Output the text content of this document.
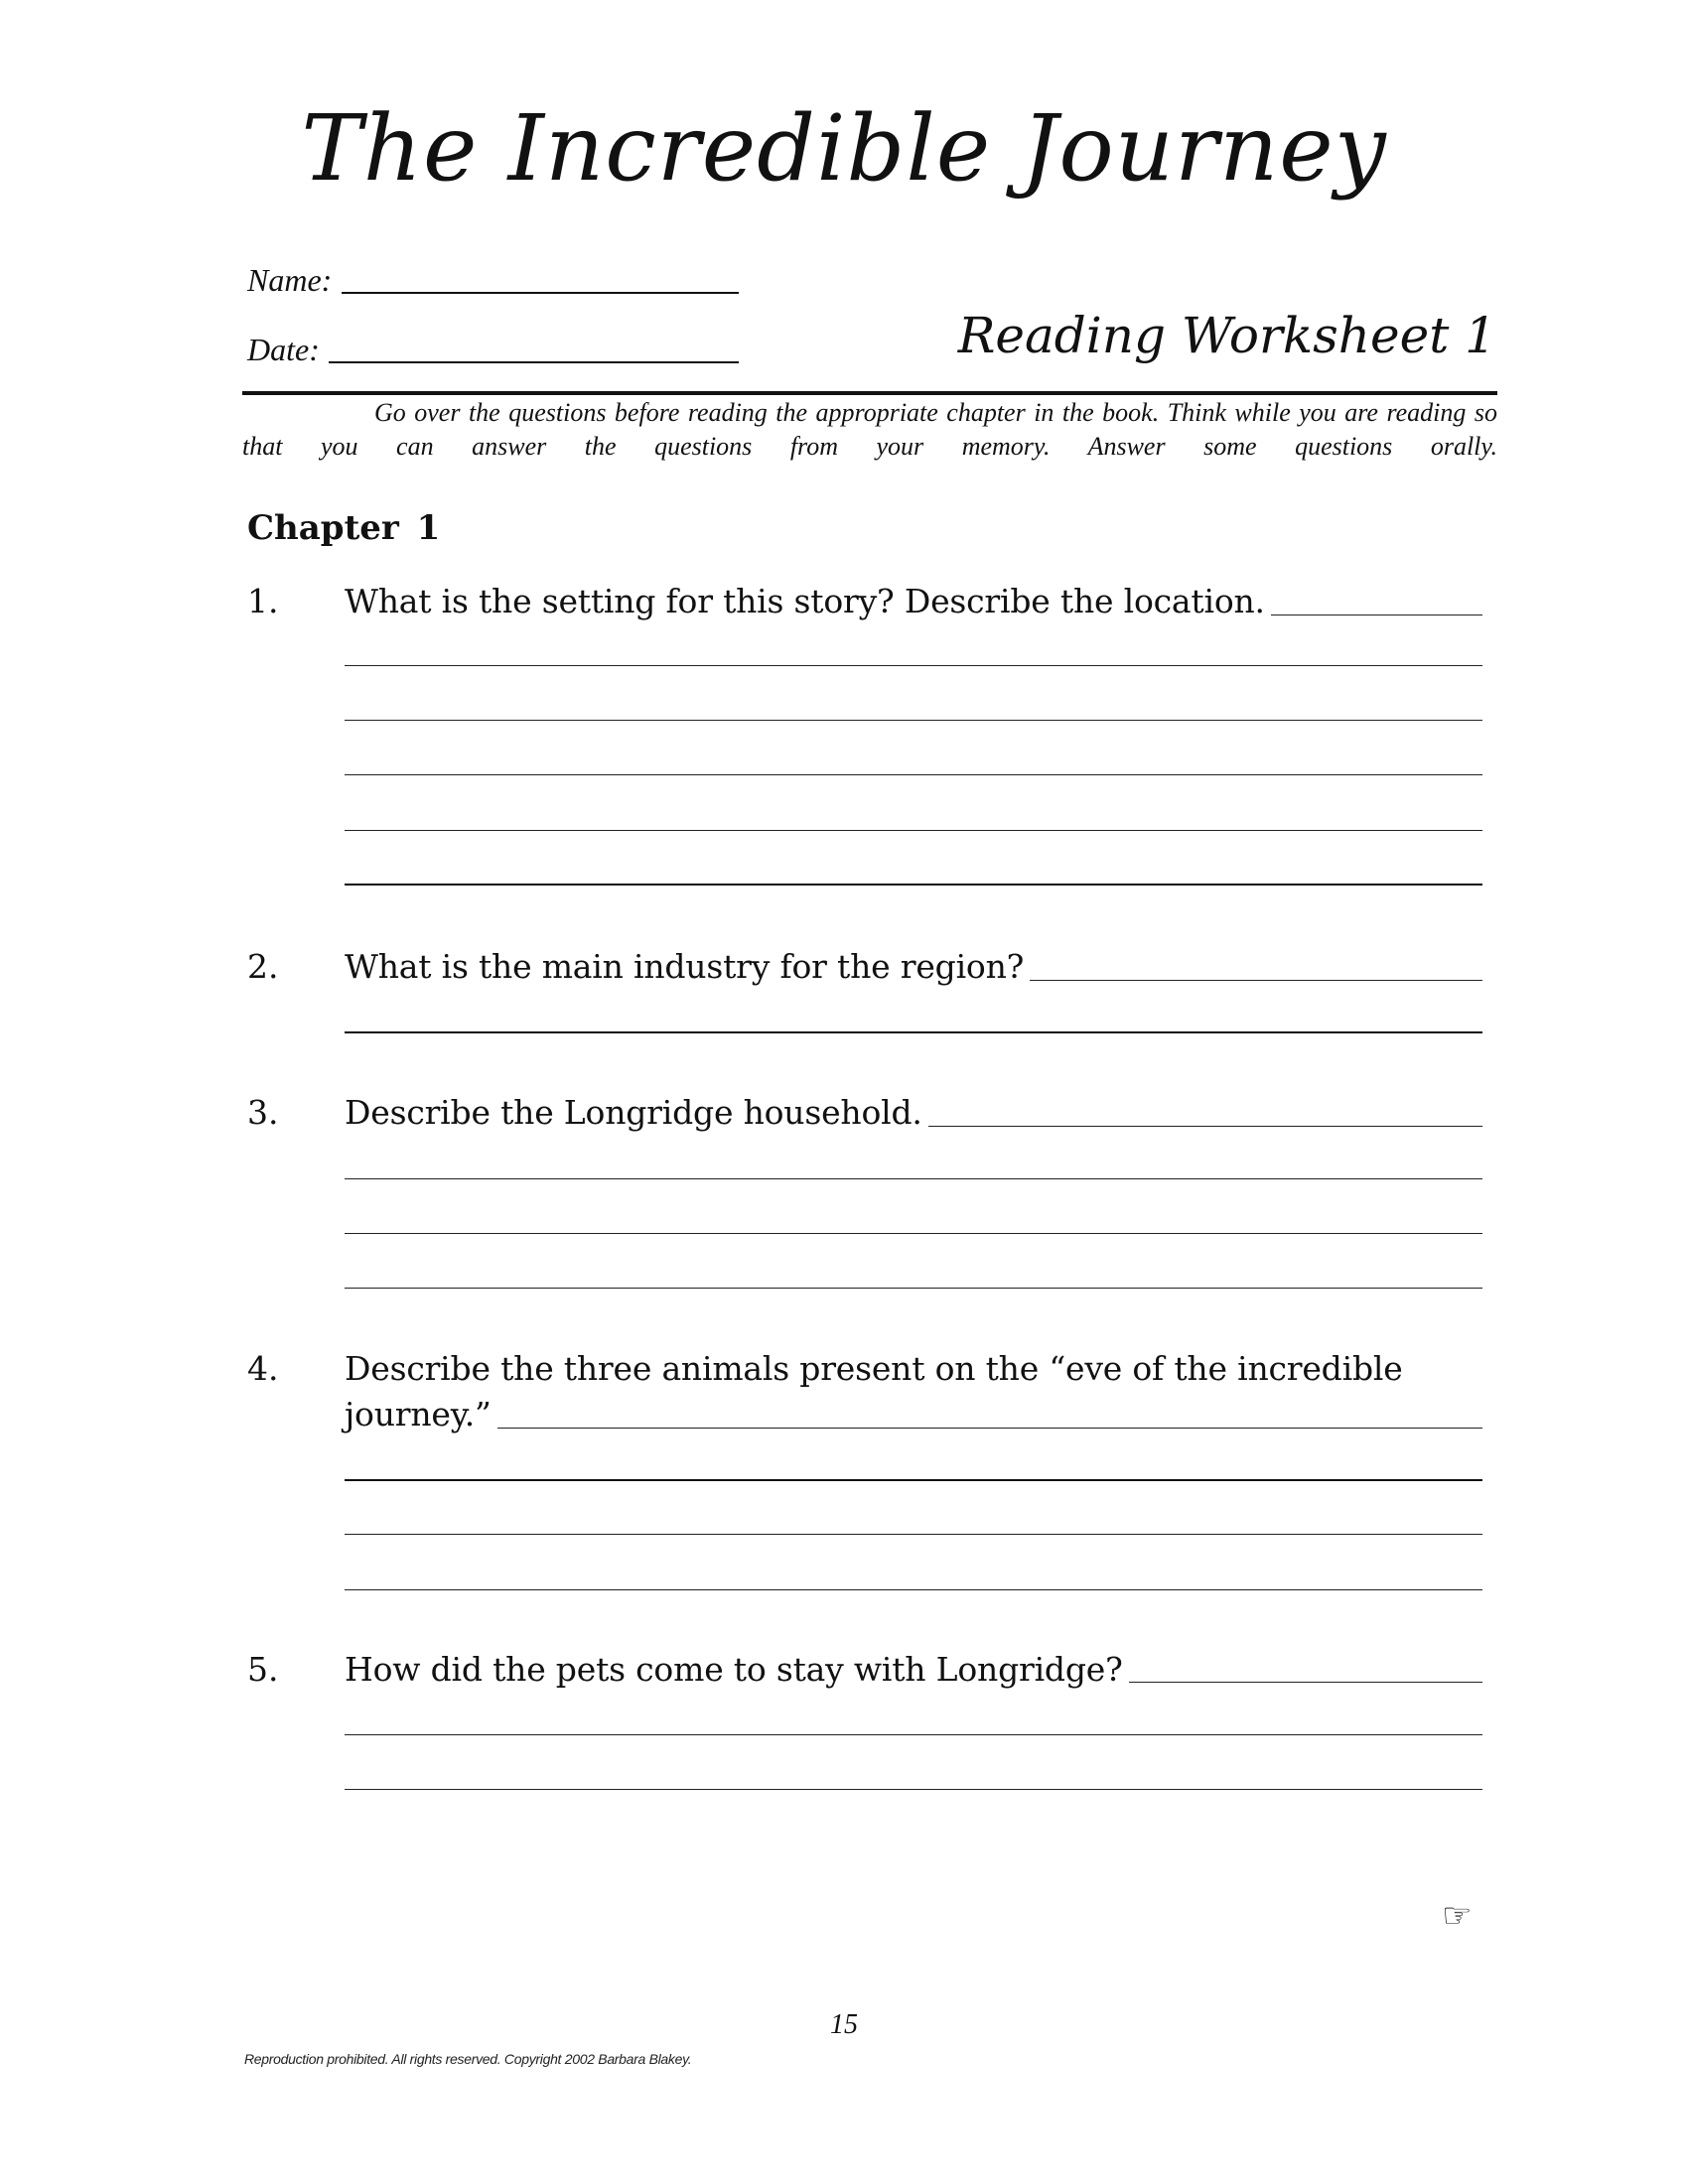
The Incredible Journey
Name:
Date:	Reading Worksheet 1
Go over the questions before reading the appropriate chapter in the book. Think while you are reading so that you can answer the questions from your memory. Answer some questions orally.
Chapter 1
1. What is the setting for this story? Describe the location.
2. What is the main industry for the region?
3. Describe the Longridge household.
4. Describe the three animals present on the “eve of the incredible
journey.”
5. How did the pets come to stay with Longridge?
☞
15
Reproduction prohibited. All rights reserved. Copyright 2002 Barbara Blakey.
